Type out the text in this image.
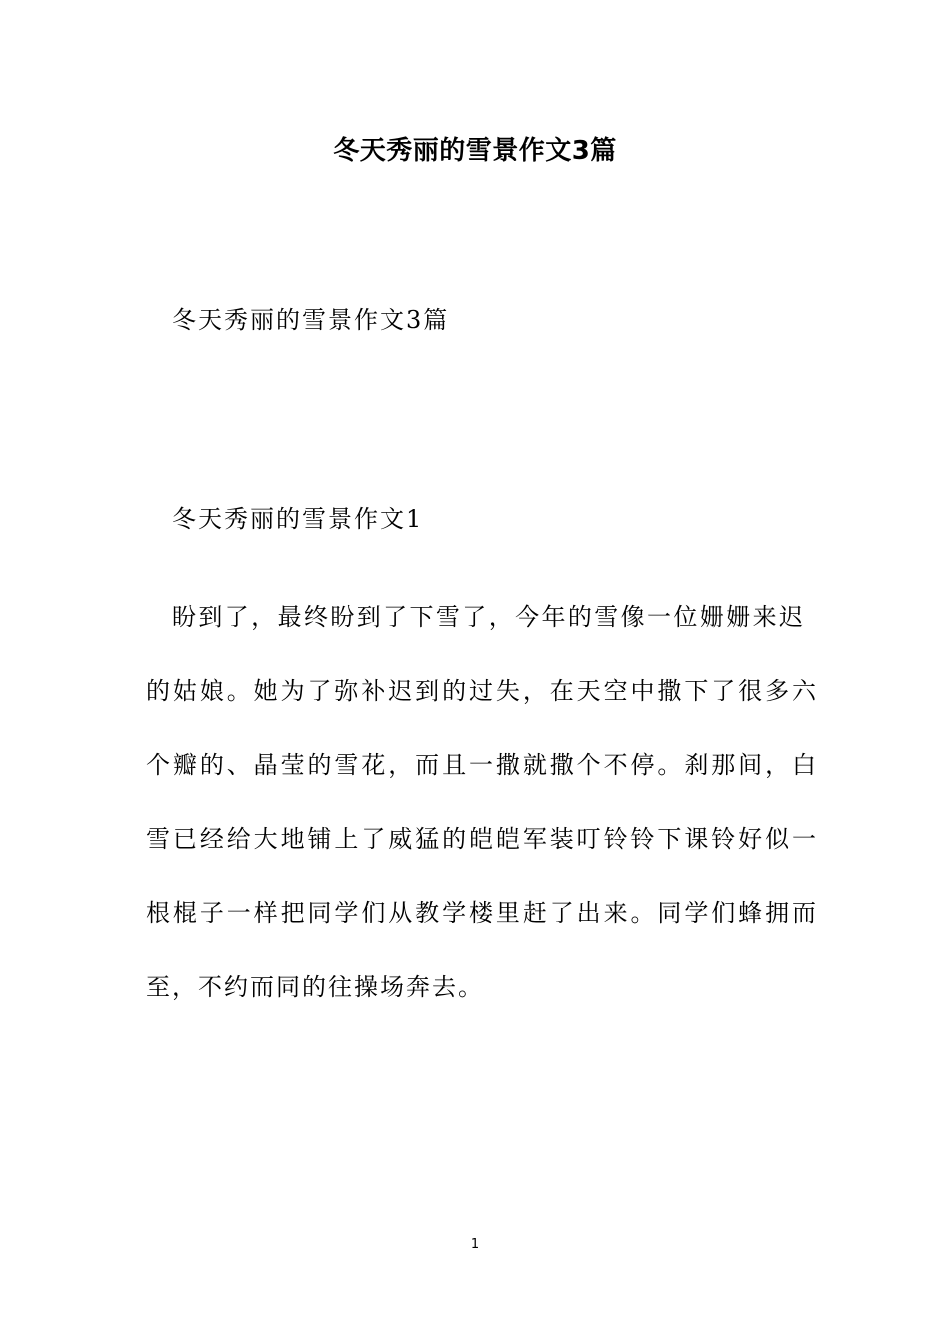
冬天秀丽的雪景作文3篇
冬天秀丽的雪景作文3篇
冬天秀丽的雪景作文1
盼到了，最终盼到了下雪了，今年的雪像一位姗姗来迟
的姑娘。她为了弥补迟到的过失，在天空中撒下了很多六
个瓣的、晶莹的雪花，而且一撒就撒个不停。刹那间，白
雪已经给大地铺上了威猛的皑皑军装叮铃铃下课铃好似一
根棍子一样把同学们从教学楼里赶了出来。同学们蜂拥而
至，不约而同的往操场奔去。
1
